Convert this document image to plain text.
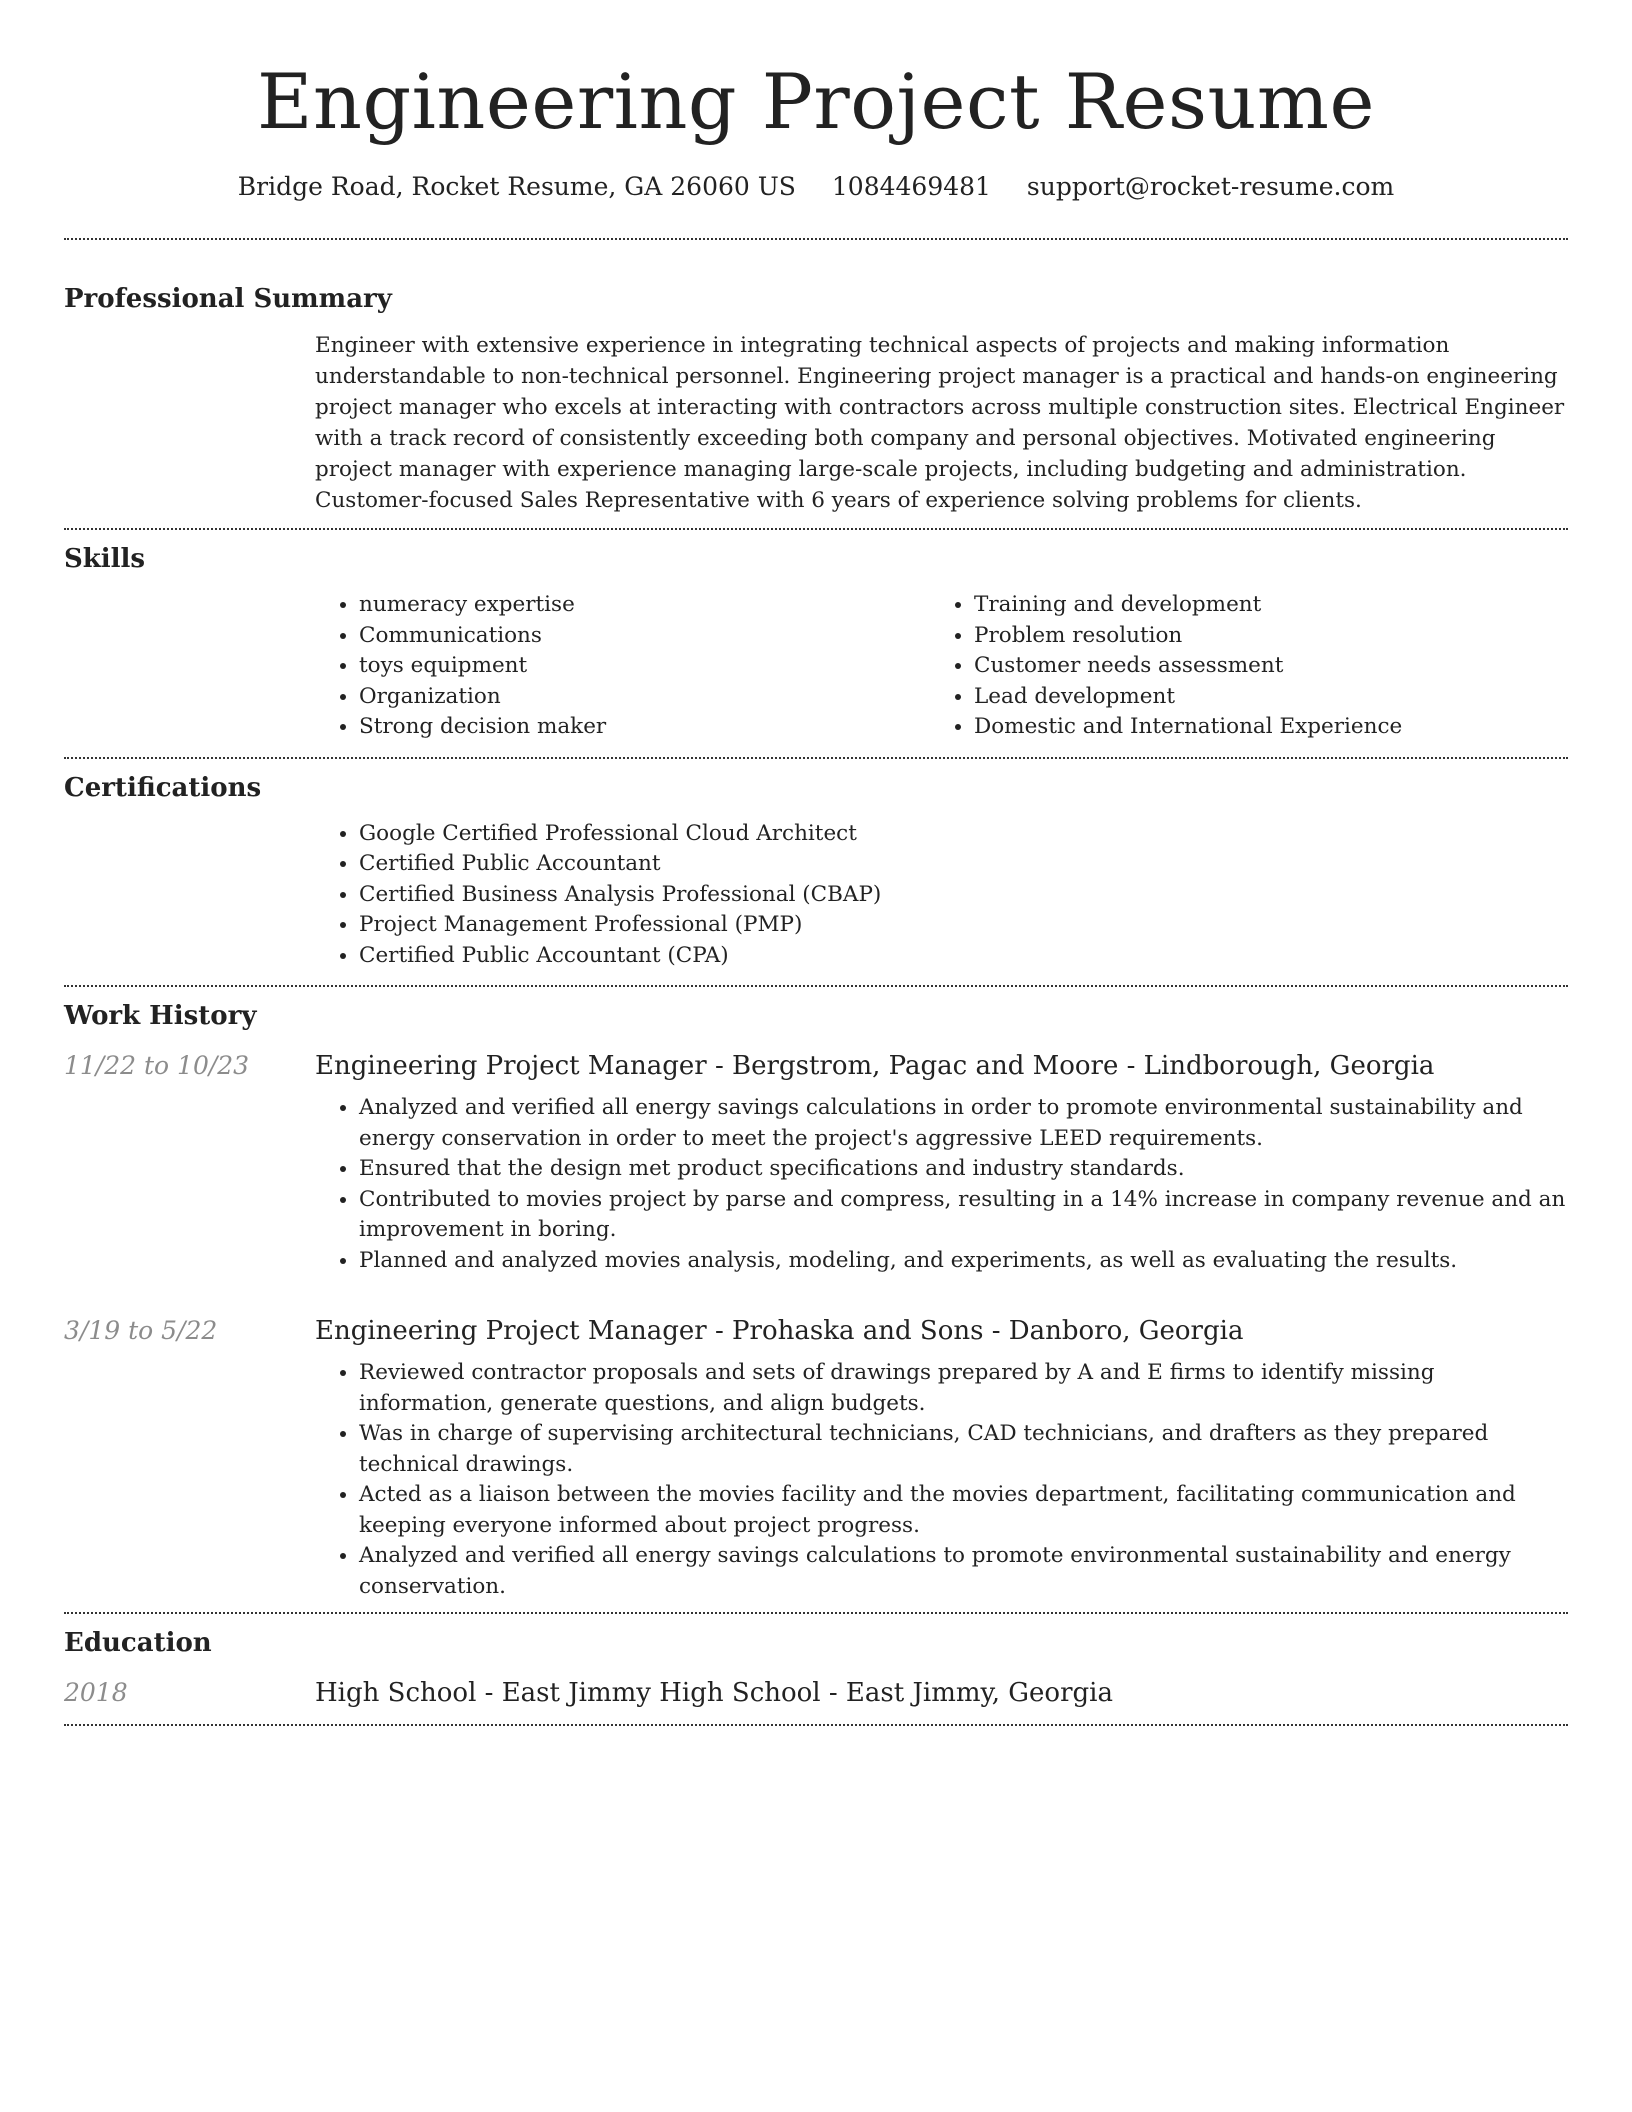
Engineering Project Resume
Bridge Road, Rocket Resume, GA 26060 US 1084469481 support@rocket-resume.com
Professional Summary

Engineer with extensive experience in integrating technical aspects of projects and making information understandable to non-technical personnel. Engineering project manager is a practical and hands-on engineering project manager who excels at interacting with contractors across multiple construction sites. Electrical Engineer with a track record of consistently exceeding both company and personal objectives. Motivated engineering project manager with experience managing large-scale projects, including budgeting and administration. Customer-focused Sales Representative with 6 years of experience solving problems for clients.

Skills
• numeracy expertise
• Communications
• toys equipment
• Organization
• Strong decision maker
• Training and development
• Problem resolution
• Customer needs assessment
• Lead development
• Domestic and International Experience
Certifications
• Google Certified Professional Cloud Architect
• Certified Public Accountant
• Certified Business Analysis Professional (CBAP)
• Project Management Professional (PMP)
• Certified Public Accountant (CPA)
Work History
11/22 to 10/23	Engineering Project Manager - Bergstrom, Pagac and Moore - Lindborough, Georgia
• Analyzed and verified all energy savings calculations in order to promote environmental sustainability and energy conservation in order to meet the project's aggressive LEED requirements.
• Ensured that the design met product specifications and industry standards.
• Contributed to movies project by parse and compress, resulting in a 14% increase in company revenue and an improvement in boring.
• Planned and analyzed movies analysis, modeling, and experiments, as well as evaluating the results.
3/19 to 5/22	Engineering Project Manager - Prohaska and Sons - Danboro, Georgia
• Reviewed contractor proposals and sets of drawings prepared by A and E firms to identify missing information, generate questions, and align budgets.
• Was in charge of supervising architectural technicians, CAD technicians, and drafters as they prepared technical drawings.
• Acted as a liaison between the movies facility and the movies department, facilitating communication and keeping everyone informed about project progress.
• Analyzed and verified all energy savings calculations to promote environmental sustainability and energy conservation.
Education
2018	High School - East Jimmy High School - East Jimmy, Georgia
